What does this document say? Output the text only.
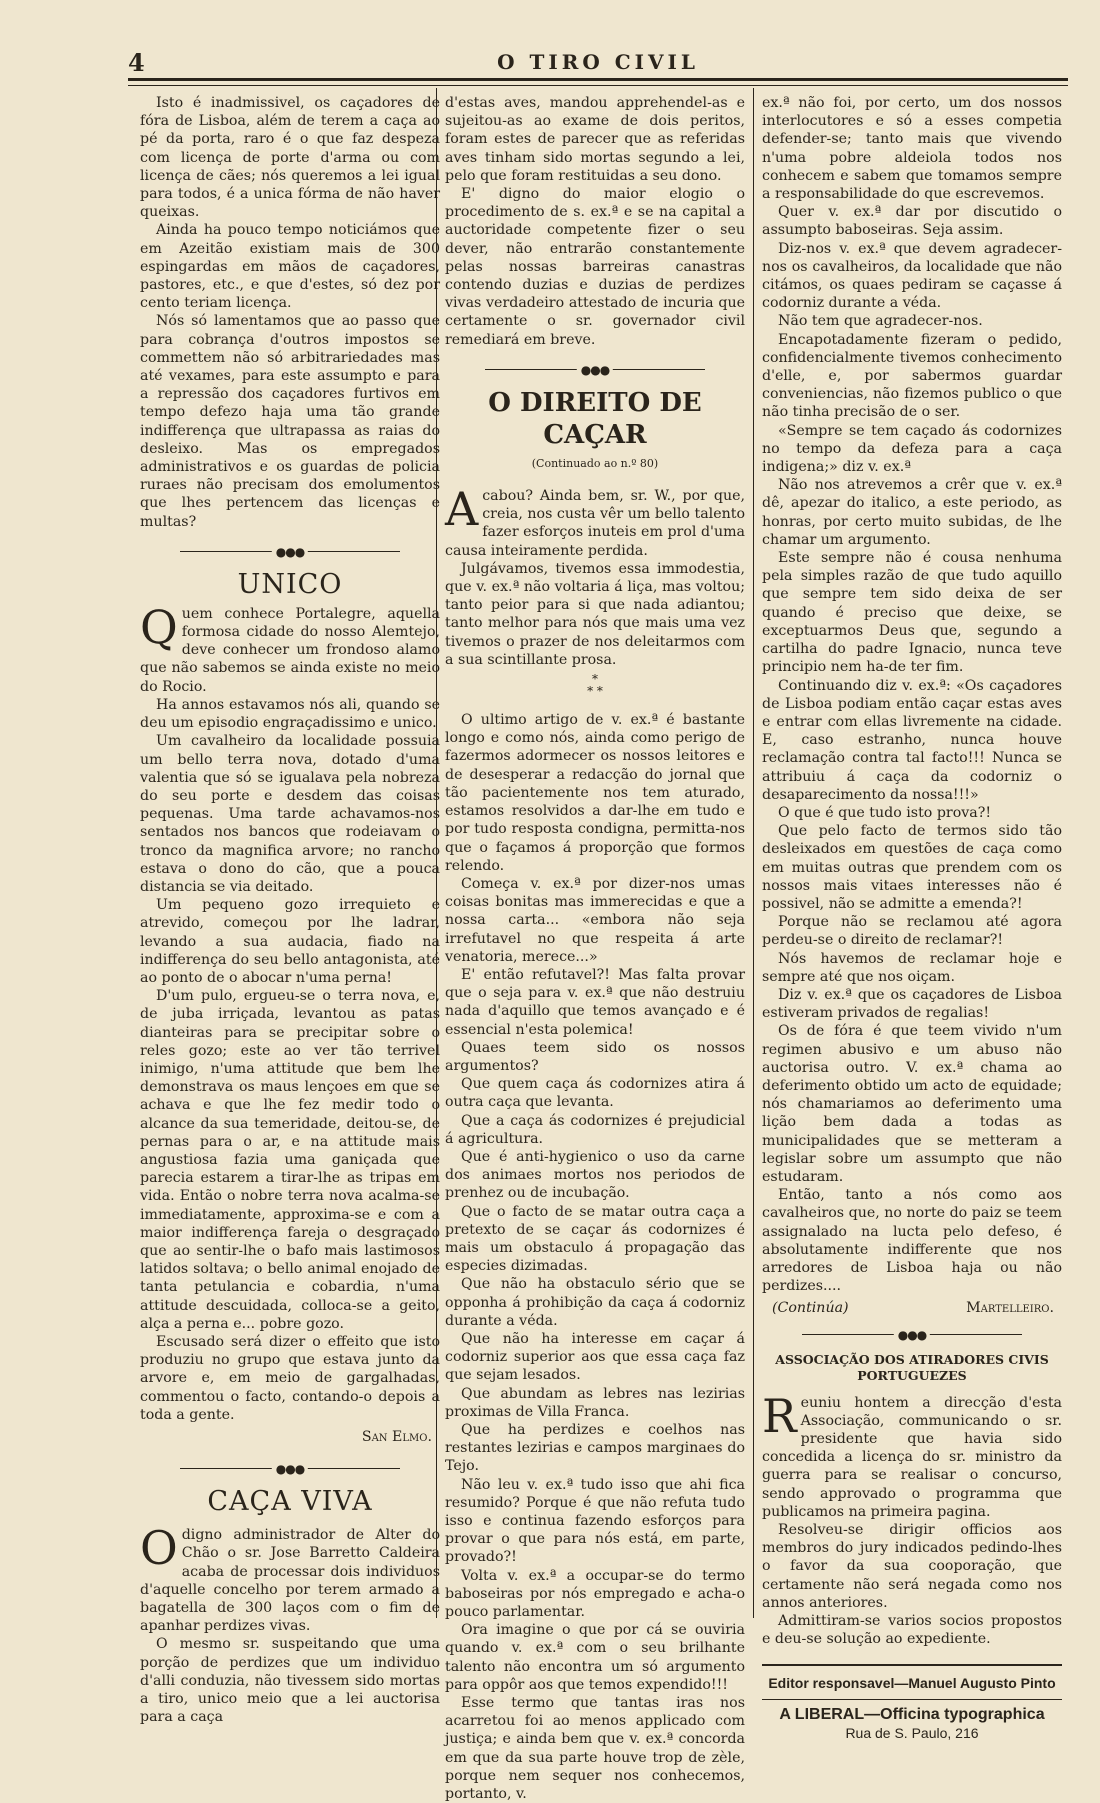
4	O TIRO CIVIL

Isto é inadmissivel, os caçadores de fóra de Lisboa, além de terem a caça ao pé da porta, raro é o que faz despeza com licença de porte d'arma ou com licença de cães; nós queremos a lei igual para todos, é a unica fórma de não haver queixas.

Ainda ha pouco tempo noticiámos que em Azeitão existiam mais de 300 espingardas em mãos de caçadores, pastores, etc., e que d'estes, só dez por cento teriam licença.

Nós só lamentamos que ao passo que para cobrança d'outros impostos se commettem não só arbitrariedades mas até vexames, para este assumpto e para a repressão dos caçadores furtivos em tempo defezo haja uma tão grande indifferença que ultrapassa as raias do desleixo. Mas os empregados administrativos e os guardas de policia ruraes não precisam dos emolumentos que lhes pertencem das licenças e multas?

●●●
UNICO

Quem conhece Portalegre, aquella formosa cidade do nosso Alemtejo, deve conhecer um frondoso alamo que não sabemos se ainda existe no meio do Rocio.

Ha annos estavamos nós ali, quando se deu um episodio engraçadissimo e unico.

Um cavalheiro da localidade possuia um bello terra nova, dotado d'uma valentia que só se igualava pela nobreza do seu porte e desdem das coisas pequenas. Uma tarde achavamos-nos sentados nos bancos que rodeiavam o tronco da magnifica arvore; no rancho estava o dono do cão, que a pouca distancia se via deitado.

Um pequeno gozo irrequieto e atrevido, começou por lhe ladrar, levando a sua audacia, fiado na indifferença do seu bello antagonista, até ao ponto de o abocar n'uma perna!

D'um pulo, ergueu-se o terra nova, e, de juba irriçada, levantou as patas dianteiras para se precipitar sobre o reles gozo; este ao ver tão terrivel inimigo, n'uma attitude que bem lhe demonstrava os maus lençoes em que se achava e que lhe fez medir todo o alcance da sua temeridade, deitou-se, de pernas para o ar, e na attitude mais angustiosa fazia uma ganiçada que parecia estarem a tirar-lhe as tripas em vida. Então o nobre terra nova acalma-se immediatamente, approxima-se e com a maior indifferença fareja o desgraçado que ao sentir-lhe o bafo mais lastimosos latidos soltava; o bello animal enojado de tanta petulancia e cobardia, n'uma attitude descuidada, colloca-se a geito, alça a perna e... pobre gozo.

Escusado será dizer o effeito que isto produziu no grupo que estava junto da arvore e, em meio de gargalhadas, commentou o facto, contando-o depois a toda a gente.

San Elmo.
●●●
CAÇA VIVA

Odigno administrador de Alter do Chão o sr. Jose Barretto Caldeira acaba de processar dois individuos d'aquelle concelho por terem armado a bagatella de 300 laços com o fim de apanhar perdizes vivas.

O mesmo sr. suspeitando que uma porção de perdizes que um individuo d'alli conduzia, não tivessem sido mortas a tiro, unico meio que a lei auctorisa para a caça

d'estas aves, mandou apprehendel-as e sujeitou-as ao exame de dois peritos, foram estes de parecer que as referidas aves tinham sido mortas segundo a lei, pelo que foram restituidas a seu dono.

E' digno do maior elogio o procedimento de s. ex.ª e se na capital a auctoridade competente fizer o seu dever, não entrarão constantemente pelas nossas barreiras canastras contendo duzias e duzias de perdizes vivas verdadeiro attestado de incuria que certamente o sr. governador civil remediará em breve.

●●●
O DIREITO DE CAÇAR
(Continuado ao n.º 80)

Acabou? Ainda bem, sr. W., por que, creia, nos custa vêr um bello talento fazer esforços inuteis em prol d'uma causa inteiramente perdida.

Julgávamos, tivemos essa immodestia, que v. ex.ª não voltaria á liça, mas voltou; tanto peior para si que nada adiantou; tanto melhor para nós que mais uma vez tivemos o prazer de nos deleitarmos com a sua scintillante prosa.

*
* *

O ultimo artigo de v. ex.ª é bastante longo e como nós, ainda como perigo de fazermos adormecer os nossos leitores e de desesperar a redacção do jornal que tão pacientemente nos tem aturado, estamos resolvidos a dar-lhe em tudo e por tudo resposta condigna, permitta-nos que o façamos á proporção que formos relendo.

Começa v. ex.ª por dizer-nos umas coisas bonitas mas immerecidas e que a nossa carta... «embora não seja irrefutavel no que respeita á arte venatoria, merece...»

E' então refutavel?! Mas falta provar que o seja para v. ex.ª que não destruiu nada d'aquillo que temos avançado e é essencial n'esta polemica!

Quaes teem sido os nossos argumentos?

Que quem caça ás codornizes atira á outra caça que levanta.

Que a caça ás codornizes é prejudicial á agricultura.

Que é anti-hygienico o uso da carne dos animaes mortos nos periodos de prenhez ou de incubação.

Que o facto de se matar outra caça a pretexto de se caçar ás codornizes é mais um obstaculo á propagação das especies dizimadas.

Que não ha obstaculo sério que se opponha á prohibição da caça á codorniz durante a véda.

Que não ha interesse em caçar á codorniz superior aos que essa caça faz que sejam lesados.

Que abundam as lebres nas lezirias proximas de Villa Franca.

Que ha perdizes e coelhos nas restantes lezirias e campos marginaes do Tejo.

Não leu v. ex.ª tudo isso que ahi fica resumido? Porque é que não refuta tudo isso e continua fazendo esforços para provar o que para nós está, em parte, provado?!

Volta v. ex.ª a occupar-se do termo baboseiras por nós empregado e acha-o pouco parlamentar.

Ora imagine o que por cá se ouviria quando v. ex.ª com o seu brilhante talento não encontra um só argumento para oppôr aos que temos expendido!!!

Esse termo que tantas iras nos acarretou foi ao menos applicado com justiça; e ainda bem que v. ex.ª concorda em que da sua parte houve trop de zèle, porque nem sequer nos conhecemos, portanto, v.

ex.ª não foi, por certo, um dos nossos interlocutores e só a esses competia defender-se; tanto mais que vivendo n'uma pobre aldeiola todos nos conhecem e sabem que tomamos sempre a responsabilidade do que escrevemos.

Quer v. ex.ª dar por discutido o assumpto baboseiras. Seja assim.

Diz-nos v. ex.ª que devem agradecer-nos os cavalheiros, da localidade que não citámos, os quaes pediram se caçasse á codorniz durante a véda.

Não tem que agradecer-nos.

Encapotadamente fizeram o pedido, confidencialmente tivemos conhecimento d'elle, e, por sabermos guardar conveniencias, não fizemos publico o que não tinha precisão de o ser.

«Sempre se tem caçado ás codornizes no tempo da defeza para a caça indigena;» diz v. ex.ª

Não nos atrevemos a crêr que v. ex.ª dê, apezar do italico, a este periodo, as honras, por certo muito subidas, de lhe chamar um argumento.

Este sempre não é cousa nenhuma pela simples razão de que tudo aquillo que sempre tem sido deixa de ser quando é preciso que deixe, se exceptuarmos Deus que, segundo a cartilha do padre Ignacio, nunca teve principio nem ha-de ter fim.

Continuando diz v. ex.ª: «Os caçadores de Lisboa podiam então caçar estas aves e entrar com ellas livremente na cidade. E, caso estranho, nunca houve reclamação contra tal facto!!! Nunca se attribuiu á caça da codorniz o desaparecimento da nossa!!!»

O que é que tudo isto prova?!

Que pelo facto de termos sido tão desleixados em questões de caça como em muitas outras que prendem com os nossos mais vitaes interesses não é possivel, não se admitte a emenda?!

Porque não se reclamou até agora perdeu-se o direito de reclamar?!

Nós havemos de reclamar hoje e sempre até que nos oiçam.

Diz v. ex.ª que os caçadores de Lisboa estiveram privados de regalias!

Os de fóra é que teem vivido n'um regimen abusivo e um abuso não auctorisa outro. V. ex.ª chama ao deferimento obtido um acto de equidade; nós chamariamos ao deferimento uma lição bem dada a todas as municipalidades que se metteram a legislar sobre um assumpto que não estudaram.

Então, tanto a nós como aos cavalheiros que, no norte do paiz se teem assignalado na lucta pelo defeso, é absolutamente indifferente que nos arredores de Lisboa haja ou não perdizes....

(Continúa)	Martelleiro.
●●●
ASSOCIAÇÃO DOS ATIRADORES CIVIS PORTUGUEZES

Reuniu hontem a direcção d'esta Associação, communicando o sr. presidente que havia sido concedida a licença do sr. ministro da guerra para se realisar o concurso, sendo approvado o programma que publicamos na primeira pagina.

Resolveu-se dirigir officios aos membros do jury indicados pedindo-lhes o favor da sua cooporação, que certamente não será negada como nos annos anteriores.

Admittiram-se varios socios propostos e deu-se solução ao expediente.

Editor responsavel—Manuel Augusto Pinto
A LIBERAL—Officina typographica
Rua de S. Paulo, 216
